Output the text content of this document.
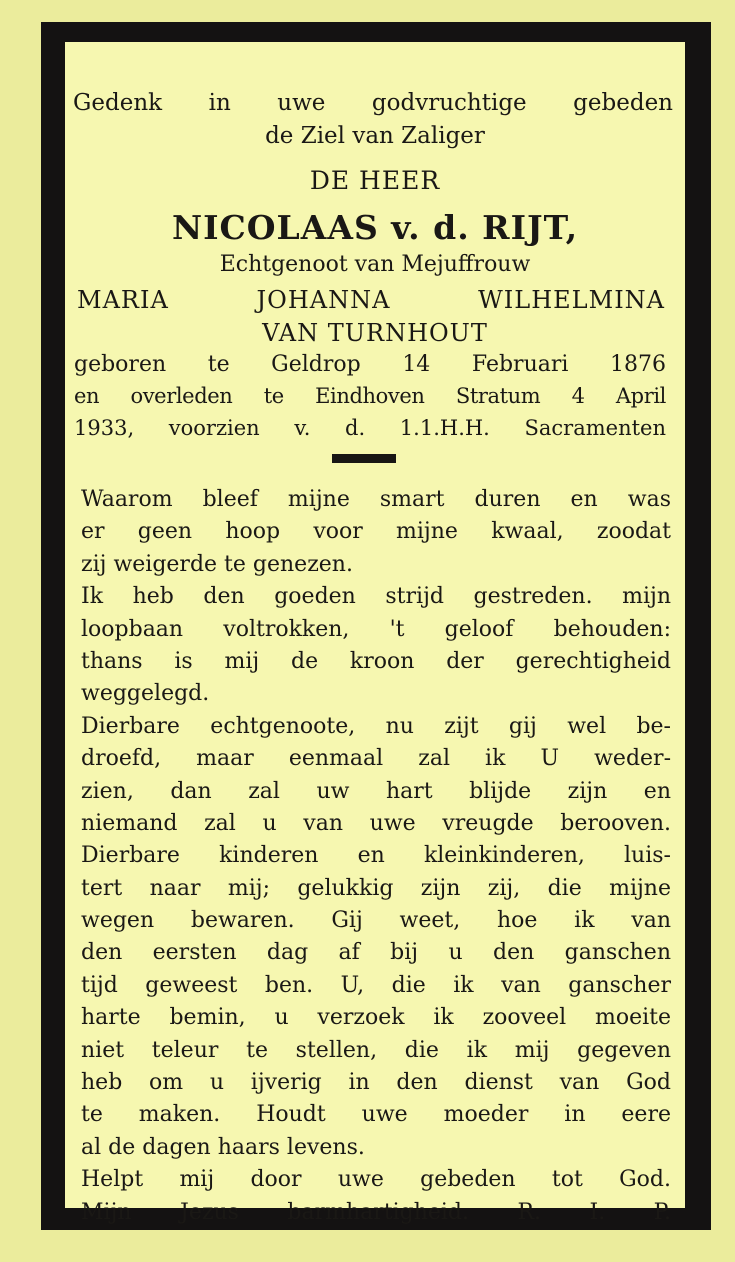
Gedenk in uwe godvruchtige gebeden
de Ziel van Zaliger
DE HEER
NICOLAAS v. d. RIJT,
Echtgenoot van Mejuffrouw
MARIA JOHANNA WILHELMINA
VAN TURNHOUT
geboren te Geldrop 14 Februari 1876
en overleden te Eindhoven Stratum 4 April
1933, voorzien v. d. 1.1.H.H. Sacramenten
Waarom bleef mijne smart duren en was
er geen hoop voor mijne kwaal, zoodat
zij weigerde te genezen.
Ik heb den goeden strijd gestreden. mijn
loopbaan voltrokken, 't geloof behouden:
thans is mij de kroon der gerechtigheid
weggelegd.
Dierbare echtgenoote, nu zijt gij wel be-
droefd, maar eenmaal zal ik U weder-
zien, dan zal uw hart blijde zijn en
niemand zal u van uwe vreugde berooven.
Dierbare kinderen en kleinkinderen, luis-
tert naar mij; gelukkig zijn zij, die mijne
wegen bewaren. Gij weet, hoe ik van
den eersten dag af bij u den ganschen
tijd geweest ben. U, die ik van ganscher
harte bemin, u verzoek ik zooveel moeite
niet teleur te stellen, die ik mij gegeven
heb om u ijverig in den dienst van God
te maken. Houdt uwe moeder in eere
al de dagen haars levens.
Helpt mij door uwe gebeden tot God.
Mijn Jezus barmhartigheid. R. I. P.
